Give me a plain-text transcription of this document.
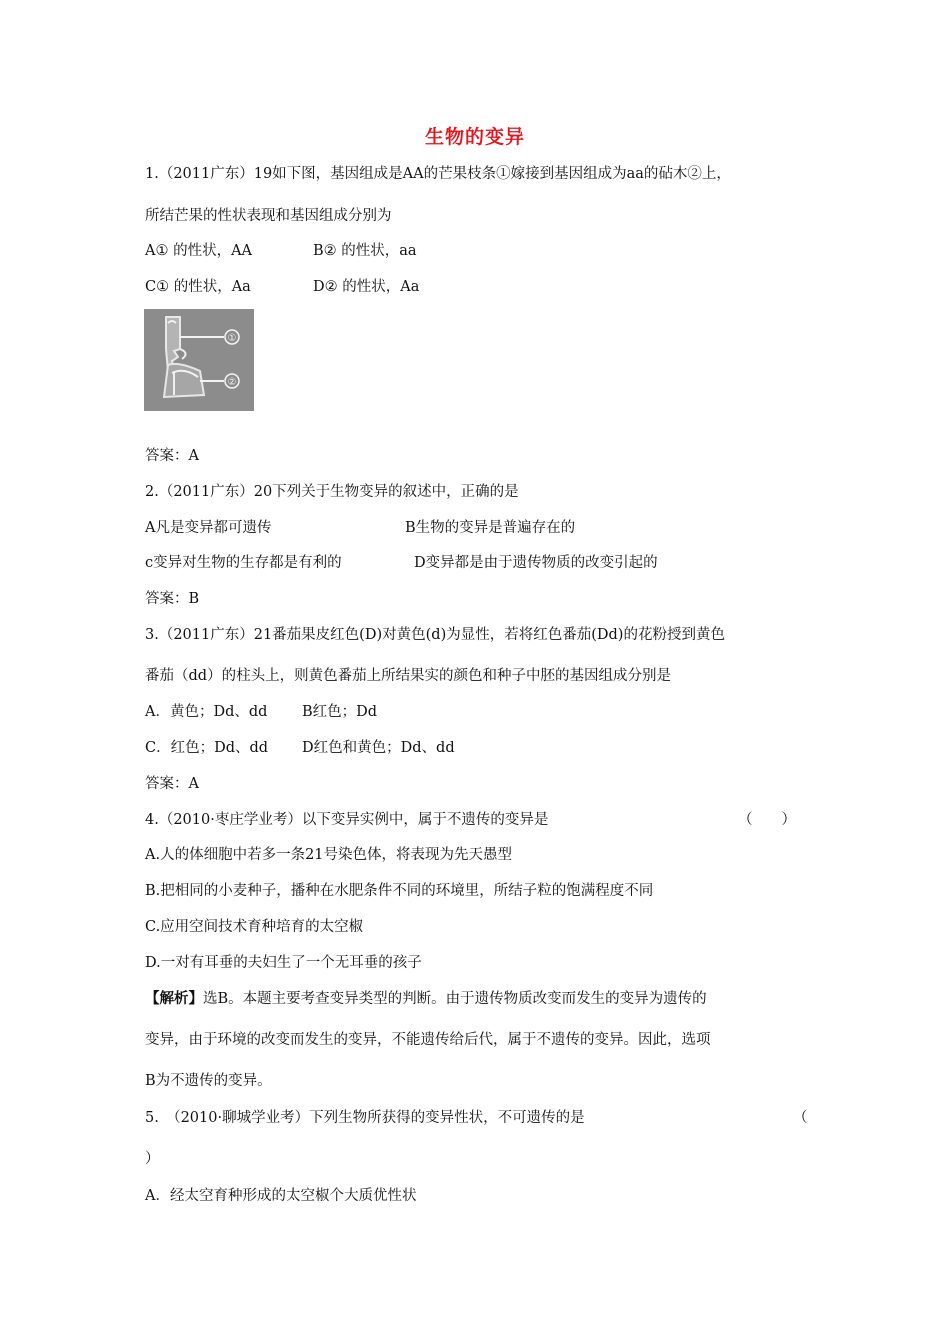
生物的变异
1.（2011广东）19如下图，基因组成是AA的芒果枝条①嫁接到基因组成为aa的砧木②上，
所结芒果的性状表现和基因组成分别为
A① 的性状，AA	B② 的性状，aa
C① 的性状，Aa	D② 的性状，Aa
①
②
答案：A
2.（2011广东）20下列关于生物变异的叙述中，正确的是
A凡是变异都可遗传	B生物的变异是普遍存在的
c变异对生物的生存都是有利的	D变异都是由于遗传物质的改变引起的
答案：B
3.（2011广东）21番茄果皮红色(D)对黄色(d)为显性，若将红色番茄(Dd)的花粉授到黄色
番茄（dd）的柱头上，则黄色番茄上所结果实的颜色和种子中胚的基因组成分别是
A．黄色；Dd、dd B红色；Dd
C．红色；Dd、dd D红色和黄色；Dd、dd
答案：A
4.（2010·枣庄学业考）以下变异实例中，属于不遗传的变异是	（　　）
A.人的体细胞中若多一条21号染色体，将表现为先天愚型
B.把相同的小麦种子，播种在水肥条件不同的环境里，所结子粒的饱满程度不同
C.应用空间技术育种培育的太空椒
D.一对有耳垂的夫妇生了一个无耳垂的孩子
【解析】选B。本题主要考查变异类型的判断。由于遗传物质改变而发生的变异为遗传的
变异，由于环境的改变而发生的变异，不能遗传给后代，属于不遗传的变异。因此，选项
B为不遗传的变异。
5.　（2010·聊城学业考）下列生物所获得的变异性状，不可遗传的是	（
）
A．经太空育种形成的太空椒个大质优性状
